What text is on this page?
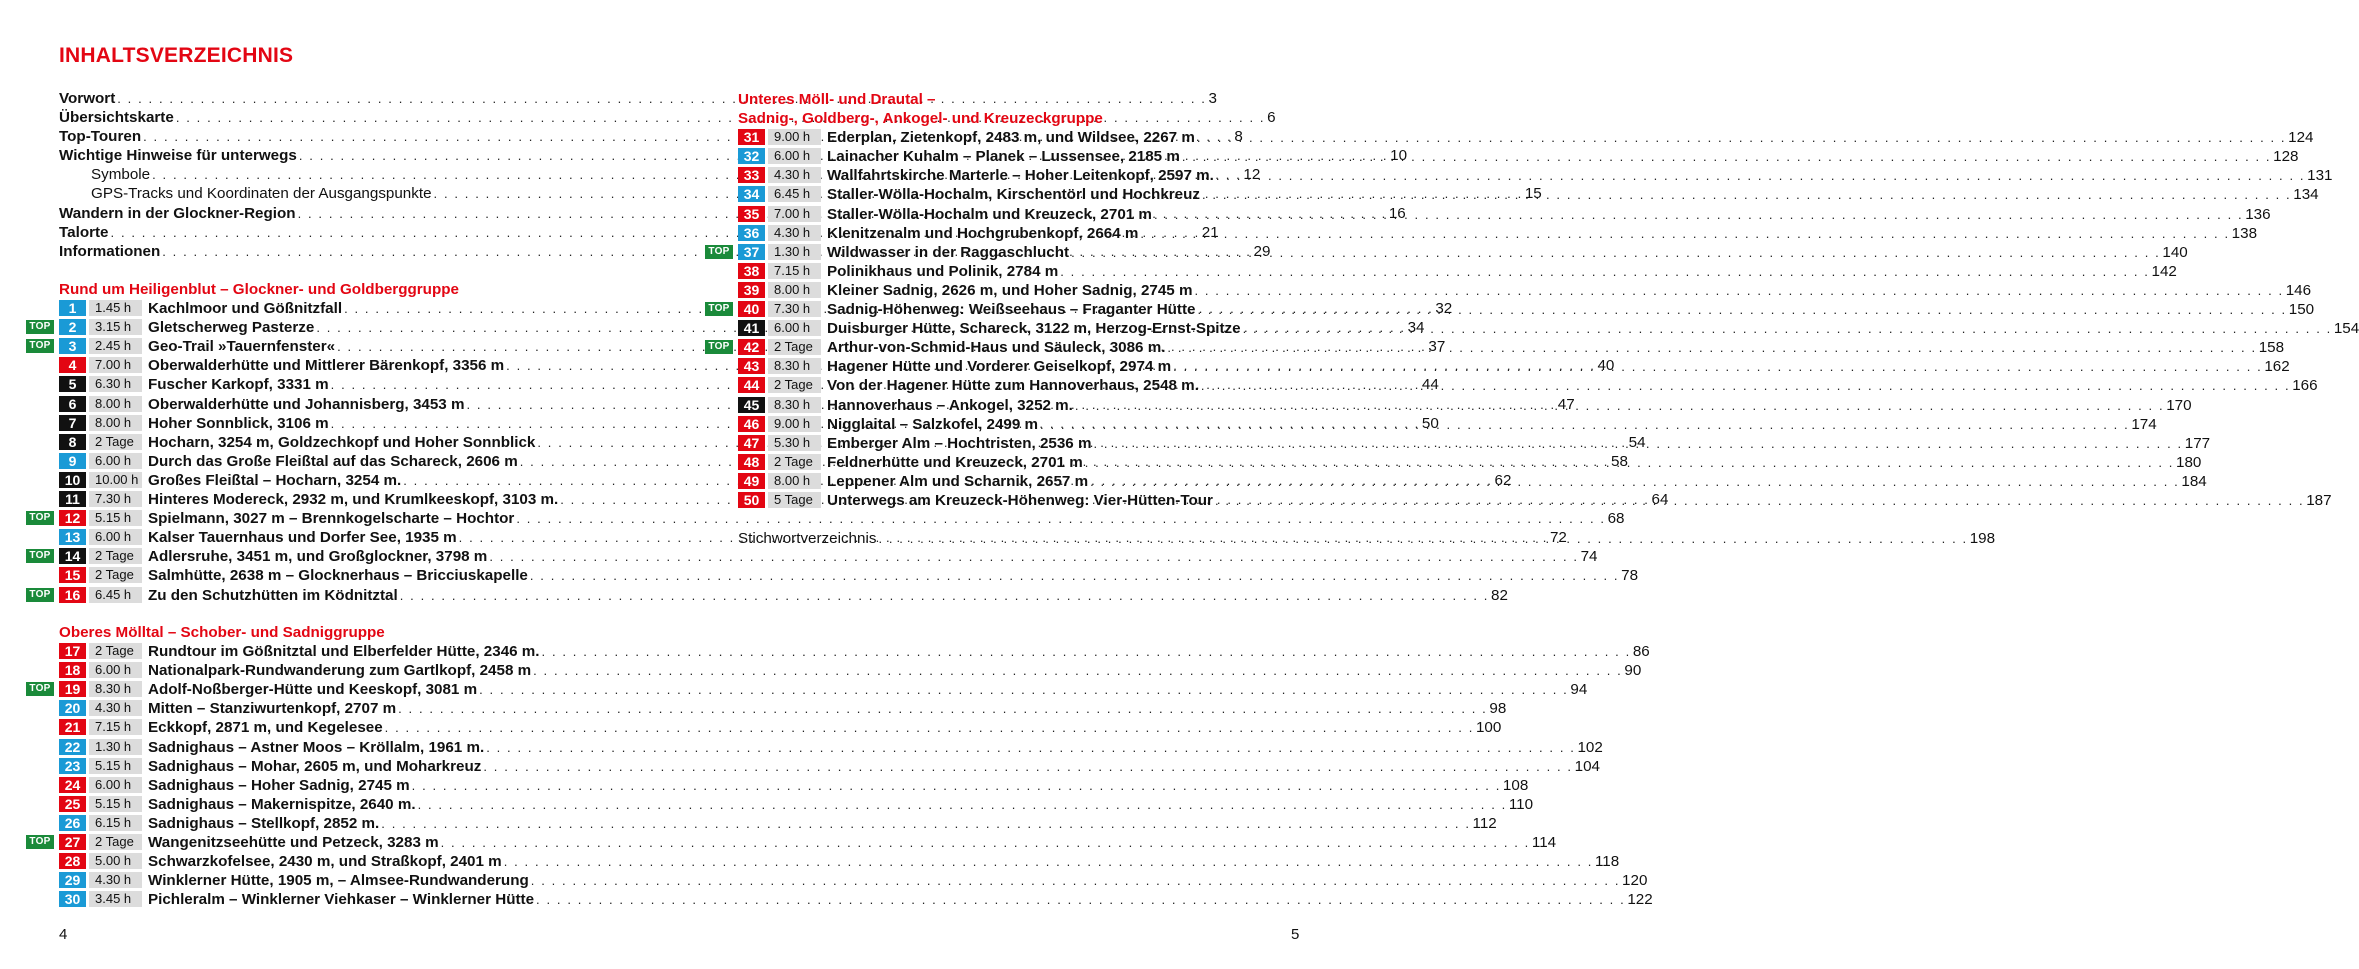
INHALTSVERZEICHNIS
Vorwort . . .	3
Übersichtskarte . . .	6
Top-Touren . . .	8
Wichtige Hinweise für unterwegs . . .	10
Symbole . . .	12
GPS-Tracks und Koordinaten der Ausgangspunkte . . .	15
Wandern in der Glockner-Region . . .	16
Talorte . . .	21
Informationen . . .	29
Rund um Heiligenblut – Glockner- und Goldberggruppe
1	1.45 h	Kachlmoor und Gößnitzfall . . .	32
TOP	2	3.15 h	Gletscherweg Pasterze . . .	34
TOP	3	2.45 h	Geo-Trail »Tauernfenster« . . .	37
4	7.00 h	Oberwalderhütte und Mittlerer Bärenkopf, 3356 m . . .	40
5	6.30 h	Fuscher Karkopf, 3331 m . . .	44
6	8.00 h	Oberwalderhütte und Johannisberg, 3453 m . . .	47
7	8.00 h	Hoher Sonnblick, 3106 m . . .	50
8	2 Tage Hocharn, 3254 m, Goldzechkopf und Hoher Sonnblick . . .	54
9	6.00 h	Durch das Große Fleißtal auf das Schareck, 2606 m . . .	58
10	10.00 h Großes Fleißtal – Hocharn, 3254 m. . . .	62
11	7.30 h	Hinteres Modereck, 2932 m, und Krumlkeeskopf, 3103 m. . . .	64
TOP	12	5.15 h	Spielmann, 3027 m – Brennkogelscharte – Hochtor . . .	68
13	6.00 h	Kalser Tauernhaus und Dorfer See, 1935 m . . .	72
TOP	14	2 Tage Adlersruhe, 3451 m, und Großglockner, 3798 m . . .	74
15	2 Tage Salmhütte, 2638 m – Glocknerhaus – Bricciuskapelle . . .	78
TOP	16	6.45 h	Zu den Schutzhütten im Ködnitztal . . .	82
Oberes Mölltal – Schober- und Sadniggruppe
17	2 Tage Rundtour im Gößnitztal und Elberfelder Hütte, 2346 m. . . .	86
18	6.00 h	Nationalpark-Rundwanderung zum Gartlkopf, 2458 m . . .	90
TOP	19	8.30 h	Adolf-Noßberger-Hütte und Keeskopf, 3081 m . . .	94
20	4.30 h	Mitten – Stanziwurtenkopf, 2707 m . . .	98
21	7.15 h	Eckkopf, 2871 m, und Kegelesee . . .	100
22	1.30 h	Sadnighaus – Astner Moos – Kröllalm, 1961 m. . . .	102
23	5.15 h	Sadnighaus – Mohar, 2605 m, und Moharkreuz . . .	104
24	6.00 h	Sadnighaus – Hoher Sadnig, 2745 m . . .	108
25	5.15 h	Sadnighaus – Makernispitze, 2640 m. . . .	110
26	6.15 h	Sadnighaus – Stellkopf, 2852 m. . . .	112
TOP	27	2 Tage Wangenitzseehütte und Petzeck, 3283 m . . .	114
28	5.00 h	Schwarzkofelsee, 2430 m, und Straßkopf, 2401 m . . .	118
29	4.30 h	Winklerner Hütte, 1905 m, – Almsee-Rundwanderung . . .	120
30	3.45 h	Pichleralm – Winklerner Viehkaser – Winklerner Hütte . . .	122
4
Unteres Möll- und Drautal –
Sadnig-, Goldberg-, Ankogel- und Kreuzeckgruppe
31	9.00 h	Ederplan, Zietenkopf, 2483 m, und Wildsee, 2267 m . . .	124
32	6.00 h	Lainacher Kuhalm – Planek – Lussensee, 2185 m . . .	128
33	4.30 h	Wallfahrtskirche Marterle – Hoher Leitenkopf, 2597 m. . . .	131
34	6.45 h	Staller-Wölla-Hochalm, Kirschentörl und Hochkreuz . . .	134
35	7.00 h	Staller-Wölla-Hochalm und Kreuzeck, 2701 m . . .	136
36	4.30 h	Klenitzenalm und Hochgrubenkopf, 2664 m . . .	138
TOP	37	1.30 h	Wildwasser in der Raggaschlucht . . .	140
38	7.15 h	Polinikhaus und Polinik, 2784 m . . .	142
39	8.00 h	Kleiner Sadnig, 2626 m, und Hoher Sadnig, 2745 m . . .	146
TOP	40	7.30 h	Sadnig-Höhenweg: Weißseehaus – Fraganter Hütte . . .	150
41	6.00 h	Duisburger Hütte, Schareck, 3122 m, Herzog-Ernst-Spitze . . .	154
TOP	42	2 Tage Arthur-von-Schmid-Haus und Säuleck, 3086 m. . . .	158
43	8.30 h	Hagener Hütte und Vorderer Geiselkopf, 2974 m . . .	162
44	2 Tage Von der Hagener Hütte zum Hannoverhaus, 2548 m. . . .	166
45	8.30 h	Hannoverhaus – Ankogel, 3252 m. . . .	170
46	9.00 h	Nigglaital – Salzkofel, 2499 m . . .	174
47	5.30 h	Emberger Alm – Hochtristen, 2536 m . . .	177
48	2 Tage Feldnerhütte und Kreuzeck, 2701 m . . .	180
49	8.00 h	Leppener Alm und Scharnik, 2657 m . . .	184
50	5 Tage Unterwegs am Kreuzeck-Höhenweg: Vier-Hütten-Tour . . .	187
Stichwortverzeichnis . . .	198
5
